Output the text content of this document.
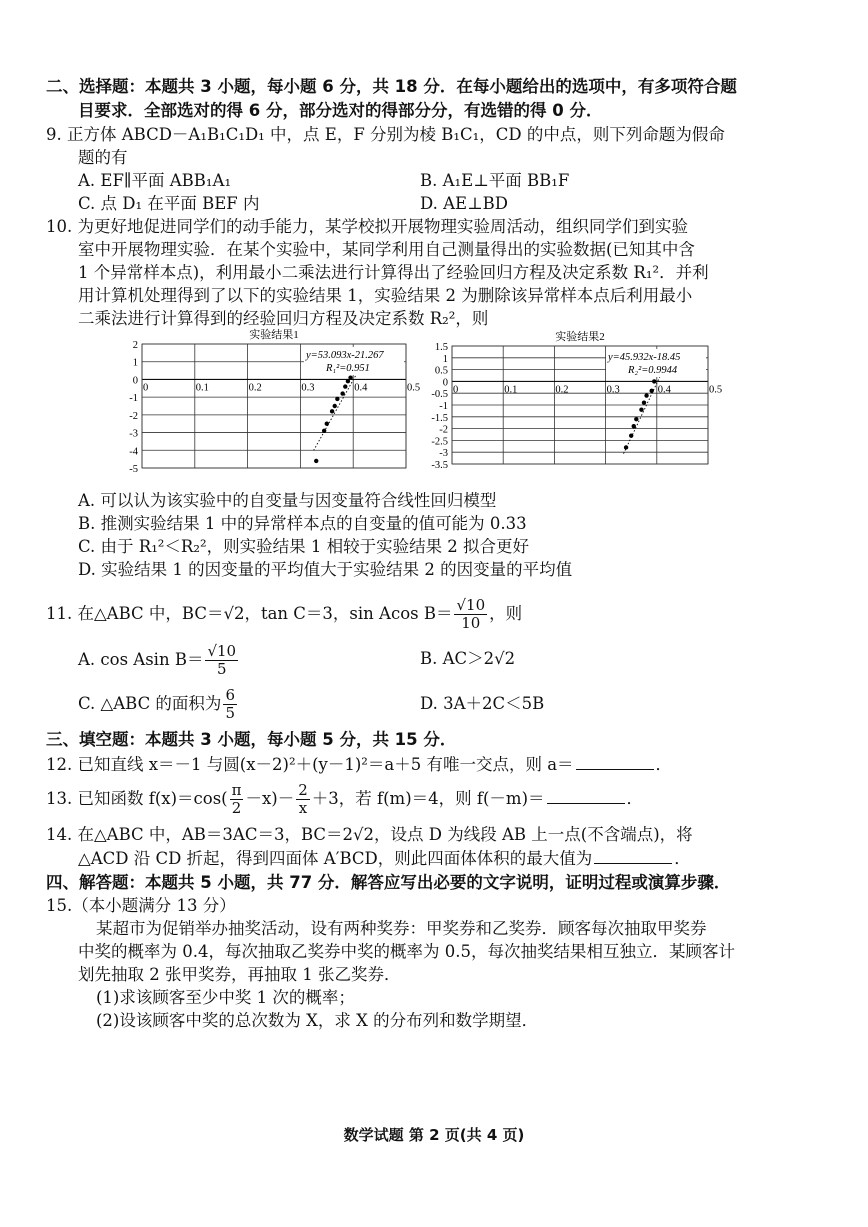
二、选择题：本题共 3 小题，每小题 6 分，共 18 分．在每小题给出的选项中，有多项符合题
目要求．全部选对的得 6 分，部分选对的得部分分，有选错的得 0 分．
9. 正方体 ABCD－A₁B₁C₁D₁ 中，点 E，F 分别为棱 B₁C₁，CD 的中点，则下列命题为假命
题的有
A. EF∥平面 ABB₁A₁	B. A₁E⊥平面 BB₁F
C. 点 D₁ 在平面 BEF 内	D. AE⊥BD
10. 为更好地促进同学们的动手能力，某学校拟开展物理实验周活动，组织同学们到实验
室中开展物理实验．在某个实验中，某同学利用自己测量得出的实验数据(已知其中含
1 个异常样本点)，利用最小二乘法进行计算得出了经验回归方程及决定系数 R₁²．并利
用计算机处理得到了以下的实验结果 1，实验结果 2 为删除该异常样本点后利用最小
二乘法进行计算得到的经验回归方程及决定系数 R₂²，则
实验结果1
2
1
0
-1
-2
-3
-4
-5
0	0.1	0.2	0.3	0.4	0.5
y=53.093x-21.267
R₁²=0.951
实验结果2
1.5
1
0.5
0
-0.5
-1
-1.5
-2
-2.5
-3
-3.5
0	0.1	0.2	0.3	0.4	0.5
y=45.932x-18.45
R₂²=0.9944
A. 可以认为该实验中的自变量与因变量符合线性回归模型
B. 推测实验结果 1 中的异常样本点的自变量的值可能为 0.33
C. 由于 R₁²＜R₂²，则实验结果 1 相较于实验结果 2 拟合更好
D. 实验结果 1 的因变量的平均值大于实验结果 2 的因变量的平均值
11. 在△ABC 中，BC＝√2，tan C＝3，sin Acos $B= \frac{√10}{10}$ ，则
A. cos Asin $B= \frac{√10}{5}$	B. AC＞2√2
C. △ABC 的面积为 $\frac{6}{5}$	D. 3A＋2C＜5B
三、填空题：本题共 3 小题，每小题 5 分，共 15 分．
12. 已知直线 x＝－1 与圆(x－2)²＋(y－1)²＝a＋5 有唯一交点，则 a＝	．
13. 已知函数 $f(x)=\cos( \frac{\pi}{2} -x)- \frac{2}{x} +3$，若 f(m)＝4，则 f(－m)＝	．
14. 在△ABC 中，AB＝3AC＝3，BC＝2√2，设点 D 为线段 AB 上一点(不含端点)，将
△ACD 沿 CD 折起，得到四面体 A′BCD，则此四面体体积的最大值为	．
四、解答题：本题共 5 小题，共 77 分．解答应写出必要的文字说明，证明过程或演算步骤．
15.（本小题满分 13 分）
某超市为促销举办抽奖活动，设有两种奖券：甲奖券和乙奖券．顾客每次抽取甲奖券
中奖的概率为 0.4，每次抽取乙奖券中奖的概率为 0.5，每次抽奖结果相互独立．某顾客计
划先抽取 2 张甲奖券，再抽取 1 张乙奖券．
(1)求该顾客至少中奖 1 次的概率；
(2)设该顾客中奖的总次数为 X，求 X 的分布列和数学期望．
数学试题 第 2 页(共 4 页)
